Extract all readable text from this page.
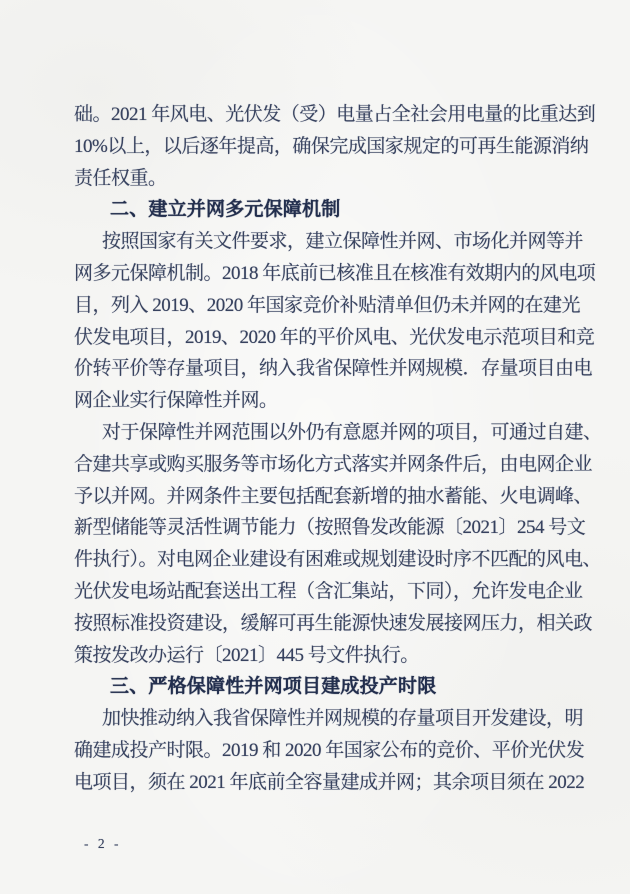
础。2021 年风电、光伏发（受）电量占全社会用电量的比重达到
10%以上，以后逐年提高，确保完成国家规定的可再生能源消纳
责任权重。
二、建立并网多元保障机制
按照国家有关文件要求，建立保障性并网、市场化并网等并
网多元保障机制。2018 年底前已核准且在核准有效期内的风电项
目，列入 2019、2020 年国家竞价补贴清单但仍未并网的在建光
伏发电项目，2019、2020 年的平价风电、光伏发电示范项目和竞
价转平价等存量项目，纳入我省保障性并网规模．存量项目由电
网企业实行保障性并网。
对于保障性并网范围以外仍有意愿并网的项目，可通过自建、
合建共享或购买服务等市场化方式落实并网条件后，由电网企业
予以并网。并网条件主要包括配套新增的抽水蓄能、火电调峰、
新型储能等灵活性调节能力（按照鲁发改能源〔2021〕254 号文
件执行）。对电网企业建设有困难或规划建设时序不匹配的风电、
光伏发电场站配套送出工程（含汇集站，下同），允许发电企业
按照标准投资建设，缓解可再生能源快速发展接网压力，相关政
策按发改办运行〔2021〕445 号文件执行。
三、严格保障性并网项目建成投产时限
加快推动纳入我省保障性并网规模的存量项目开发建设，明
确建成投产时限。2019 和 2020 年国家公布的竞价、平价光伏发
电项目，须在 2021 年底前全容量建成并网；其余项目须在 2022
- 2 -
